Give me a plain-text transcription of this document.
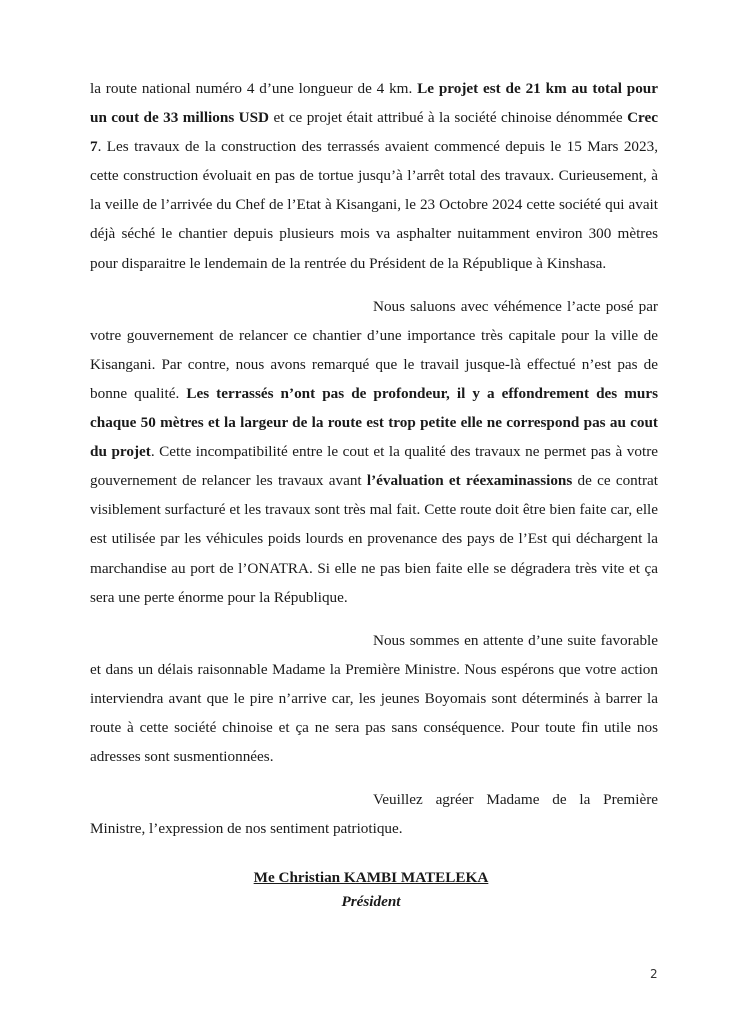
la route national numéro 4 d’une longueur de 4 km. Le projet est de 21 km au total pour un cout de 33 millions USD et ce projet était attribué à la société chinoise dénommée Crec 7. Les travaux de la construction des terrassés avaient commencé depuis le 15 Mars 2023, cette construction évoluait en pas de tortue jusqu’à l’arrêt total des travaux. Curieusement, à la veille de l’arrivée du Chef de l’Etat à Kisangani, le 23 Octobre 2024 cette société qui avait déjà séché le chantier depuis plusieurs mois va asphalter nuitamment environ 300 mètres pour disparaitre le lendemain de la rentrée du Président de la République à Kinshasa.

Nous saluons avec véhémence l’acte posé par votre gouvernement de relancer ce chantier d’une importance très capitale pour la ville de Kisangani. Par contre, nous avons remarqué que le travail jusque-là effectué n’est pas de bonne qualité. Les terrassés n’ont pas de profondeur, il y a effondrement des murs chaque 50 mètres et la largeur de la route est trop petite elle ne correspond pas au cout du projet. Cette incompatibilité entre le cout et la qualité des travaux ne permet pas à votre gouvernement de relancer les travaux avant l’évaluation et réexaminassions de ce contrat visiblement surfacturé et les travaux sont très mal fait. Cette route doit être bien faite car, elle est utilisée par les véhicules poids lourds en provenance des pays de l’Est qui déchargent la marchandise au port de l’ONATRA. Si elle ne pas bien faite elle se dégradera très vite et ça sera une perte énorme pour la République.

Nous sommes en attente d’une suite favorable et dans un délais raisonnable Madame la Première Ministre. Nous espérons que votre action interviendra avant que le pire n’arrive car, les jeunes Boyomais sont déterminés à barrer la route à cette société chinoise et ça ne sera pas sans conséquence. Pour toute fin utile nos adresses sont susmentionnées.

Veuillez agréer Madame de la Première Ministre, l’expression de nos sentiment patriotique.

Me Christian KAMBI MATELEKA
Président
2
